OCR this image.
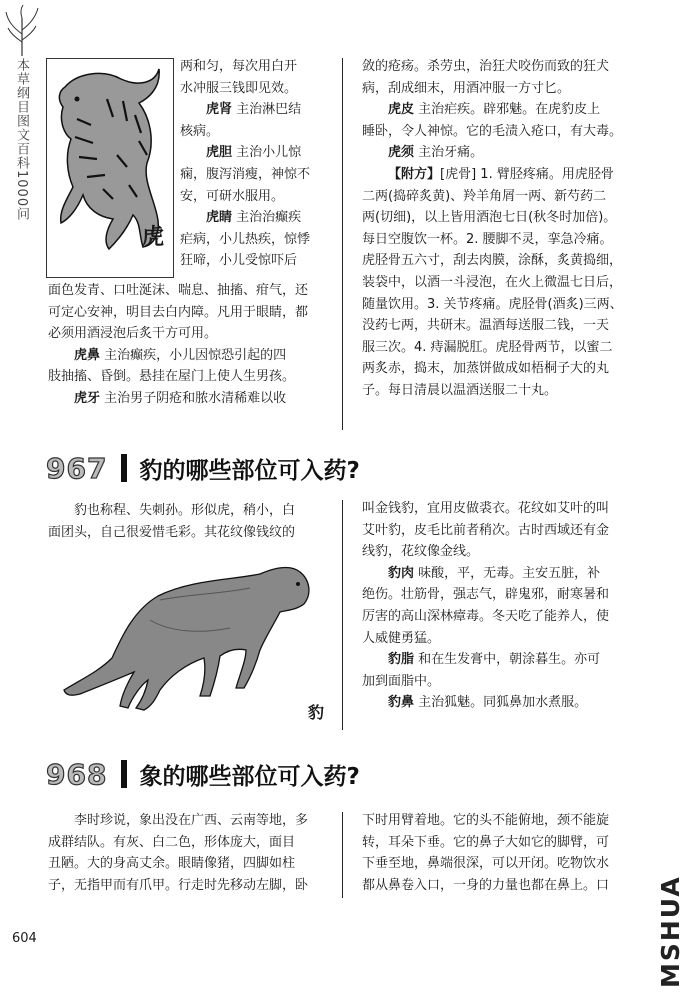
本草纲目图文百科1000问
虎

两和匀，每次用白开
水冲服三钱即见效。

虎肾 主治淋巴结
核病。

虎胆 主治小儿惊
痫，腹泻消瘦，神惊不
安，可研水服用。

虎睛 主治治癫疾
疟病，小儿热疾，惊悸
狂啼，小儿受惊吓后

面色发青、口吐涎沫、喘息、抽搐、疳气，还
可定心安神，明目去白内障。凡用于眼睛，都
必须用酒浸泡后炙干方可用。

虎鼻 主治癫疾，小儿因惊恐引起的四
肢抽搐、昏倒。悬挂在屋门上使人生男孩。

虎牙 主治男子阴疮和脓水清稀难以收

敛的疮疡。杀劳虫，治狂犬咬伤而致的狂犬
病，刮成细末，用酒冲服一方寸匕。

虎皮 主治疟疾。辟邪魅。在虎豹皮上
睡卧，令人神惊。它的毛渍入疮口，有大毒。

虎须 主治牙痛。

【附方】[虎骨] 1. 臂胫疼痛。用虎胫骨
二两(捣碎炙黄)、羚羊角屑一两、新芍药二
两(切细)，以上皆用酒泡七日(秋冬时加倍)。
每日空腹饮一杯。2. 腰脚不灵，挛急冷痛。
虎胫骨五六寸，刮去肉膜，涂酥，炙黄捣细，
装袋中，以酒一斗浸泡，在火上微温七日后，
随量饮用。3. 关节疼痛。虎胫骨(酒炙)三两、
没药七两，共研末。温酒每送服二钱，一天
服三次。4. 痔漏脱肛。虎胫骨两节，以蜜二
两炙赤，捣末，加蒸饼做成如梧桐子大的丸
子。每日清晨以温酒送服二十丸。

967 豹的哪些部位可入药?

豹也称程、失刺孙。形似虎，稍小，白
面团头，自己很爱惜毛彩。其花纹像钱纹的

豹

叫金钱豹，宜用皮做裘衣。花纹如艾叶的叫
艾叶豹，皮毛比前者稍次。古时西域还有金
线豹，花纹像金线。

豹肉 味酸，平，无毒。主安五脏，补
绝伤。壮筋骨，强志气，辟鬼邪，耐寒暑和
厉害的高山深林瘴毒。冬天吃了能养人，使
人威健勇猛。

豹脂 和在生发膏中，朝涂暮生。亦可
加到面脂中。

豹鼻 主治狐魅。同狐鼻加水煮服。

968 象的哪些部位可入药?

李时珍说，象出没在广西、云南等地，多
成群结队。有灰、白二色，形体庞大，面目
丑陋。大的身高丈余。眼睛像猪，四脚如柱
子，无指甲而有爪甲。行走时先移动左脚，卧

下时用臂着地。它的头不能俯地，颈不能旋
转，耳朵下垂。它的鼻子大如它的脚臂，可
下垂至地，鼻端很深，可以开闭。吃物饮水
都从鼻卷入口，一身的力量也都在鼻上。口

604	MSHUA
